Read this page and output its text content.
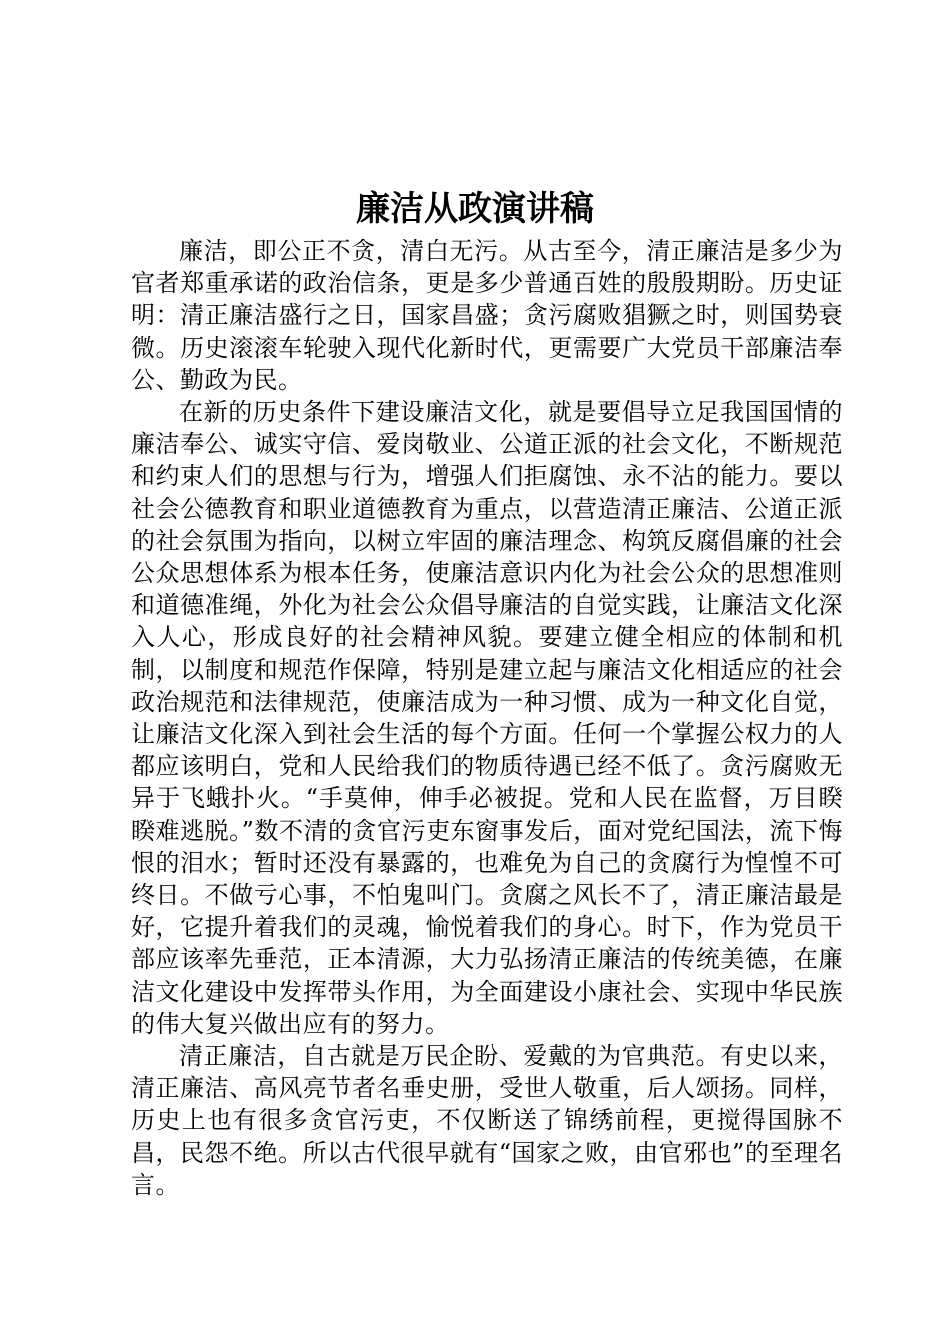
廉洁从政演讲稿

廉洁，即公正不贪，清白无污。从古至今，清正廉洁是多少为官者郑重承诺的政治信条，更是多少普通百姓的殷殷期盼。历史证明：清正廉洁盛行之日，国家昌盛；贪污腐败猖獗之时，则国势衰微。历史滚滚车轮驶入现代化新时代，更需要广大党员干部廉洁奉公、勤政为民。

在新的历史条件下建设廉洁文化，就是要倡导立足我国国情的廉洁奉公、诚实守信、爱岗敬业、公道正派的社会文化，不断规范和约束人们的思想与行为，增强人们拒腐蚀、永不沾的能力。要以社会公德教育和职业道德教育为重点，以营造清正廉洁、公道正派的社会氛围为指向，以树立牢固的廉洁理念、构筑反腐倡廉的社会公众思想体系为根本任务，使廉洁意识内化为社会公众的思想准则和道德准绳，外化为社会公众倡导廉洁的自觉实践，让廉洁文化深入人心，形成良好的社会精神风貌。要建立健全相应的体制和机制，以制度和规范作保障，特别是建立起与廉洁文化相适应的社会政治规范和法律规范，使廉洁成为一种习惯、成为一种文化自觉，让廉洁文化深入到社会生活的每个方面。任何一个掌握公权力的人都应该明白，党和人民给我们的物质待遇已经不低了。贪污腐败无异于飞蛾扑火。“手莫伸，伸手必被捉。党和人民在监督，万目睽睽难逃脱。”数不清的贪官污吏东窗事发后，面对党纪国法，流下悔恨的泪水；暂时还没有暴露的，也难免为自己的贪腐行为惶惶不可终日。不做亏心事，不怕鬼叫门。贪腐之风长不了，清正廉洁最是好，它提升着我们的灵魂，愉悦着我们的身心。时下，作为党员干部应该率先垂范，正本清源，大力弘扬清正廉洁的传统美德，在廉洁文化建设中发挥带头作用，为全面建设小康社会、实现中华民族的伟大复兴做出应有的努力。

清正廉洁，自古就是万民企盼、爱戴的为官典范。有史以来，清正廉洁、高风亮节者名垂史册，受世人敬重，后人颂扬。同样，历史上也有很多贪官污吏，不仅断送了锦绣前程，更搅得国脉不昌，民怨不绝。所以古代很早就有“国家之败，由官邪也”的至理名言。
